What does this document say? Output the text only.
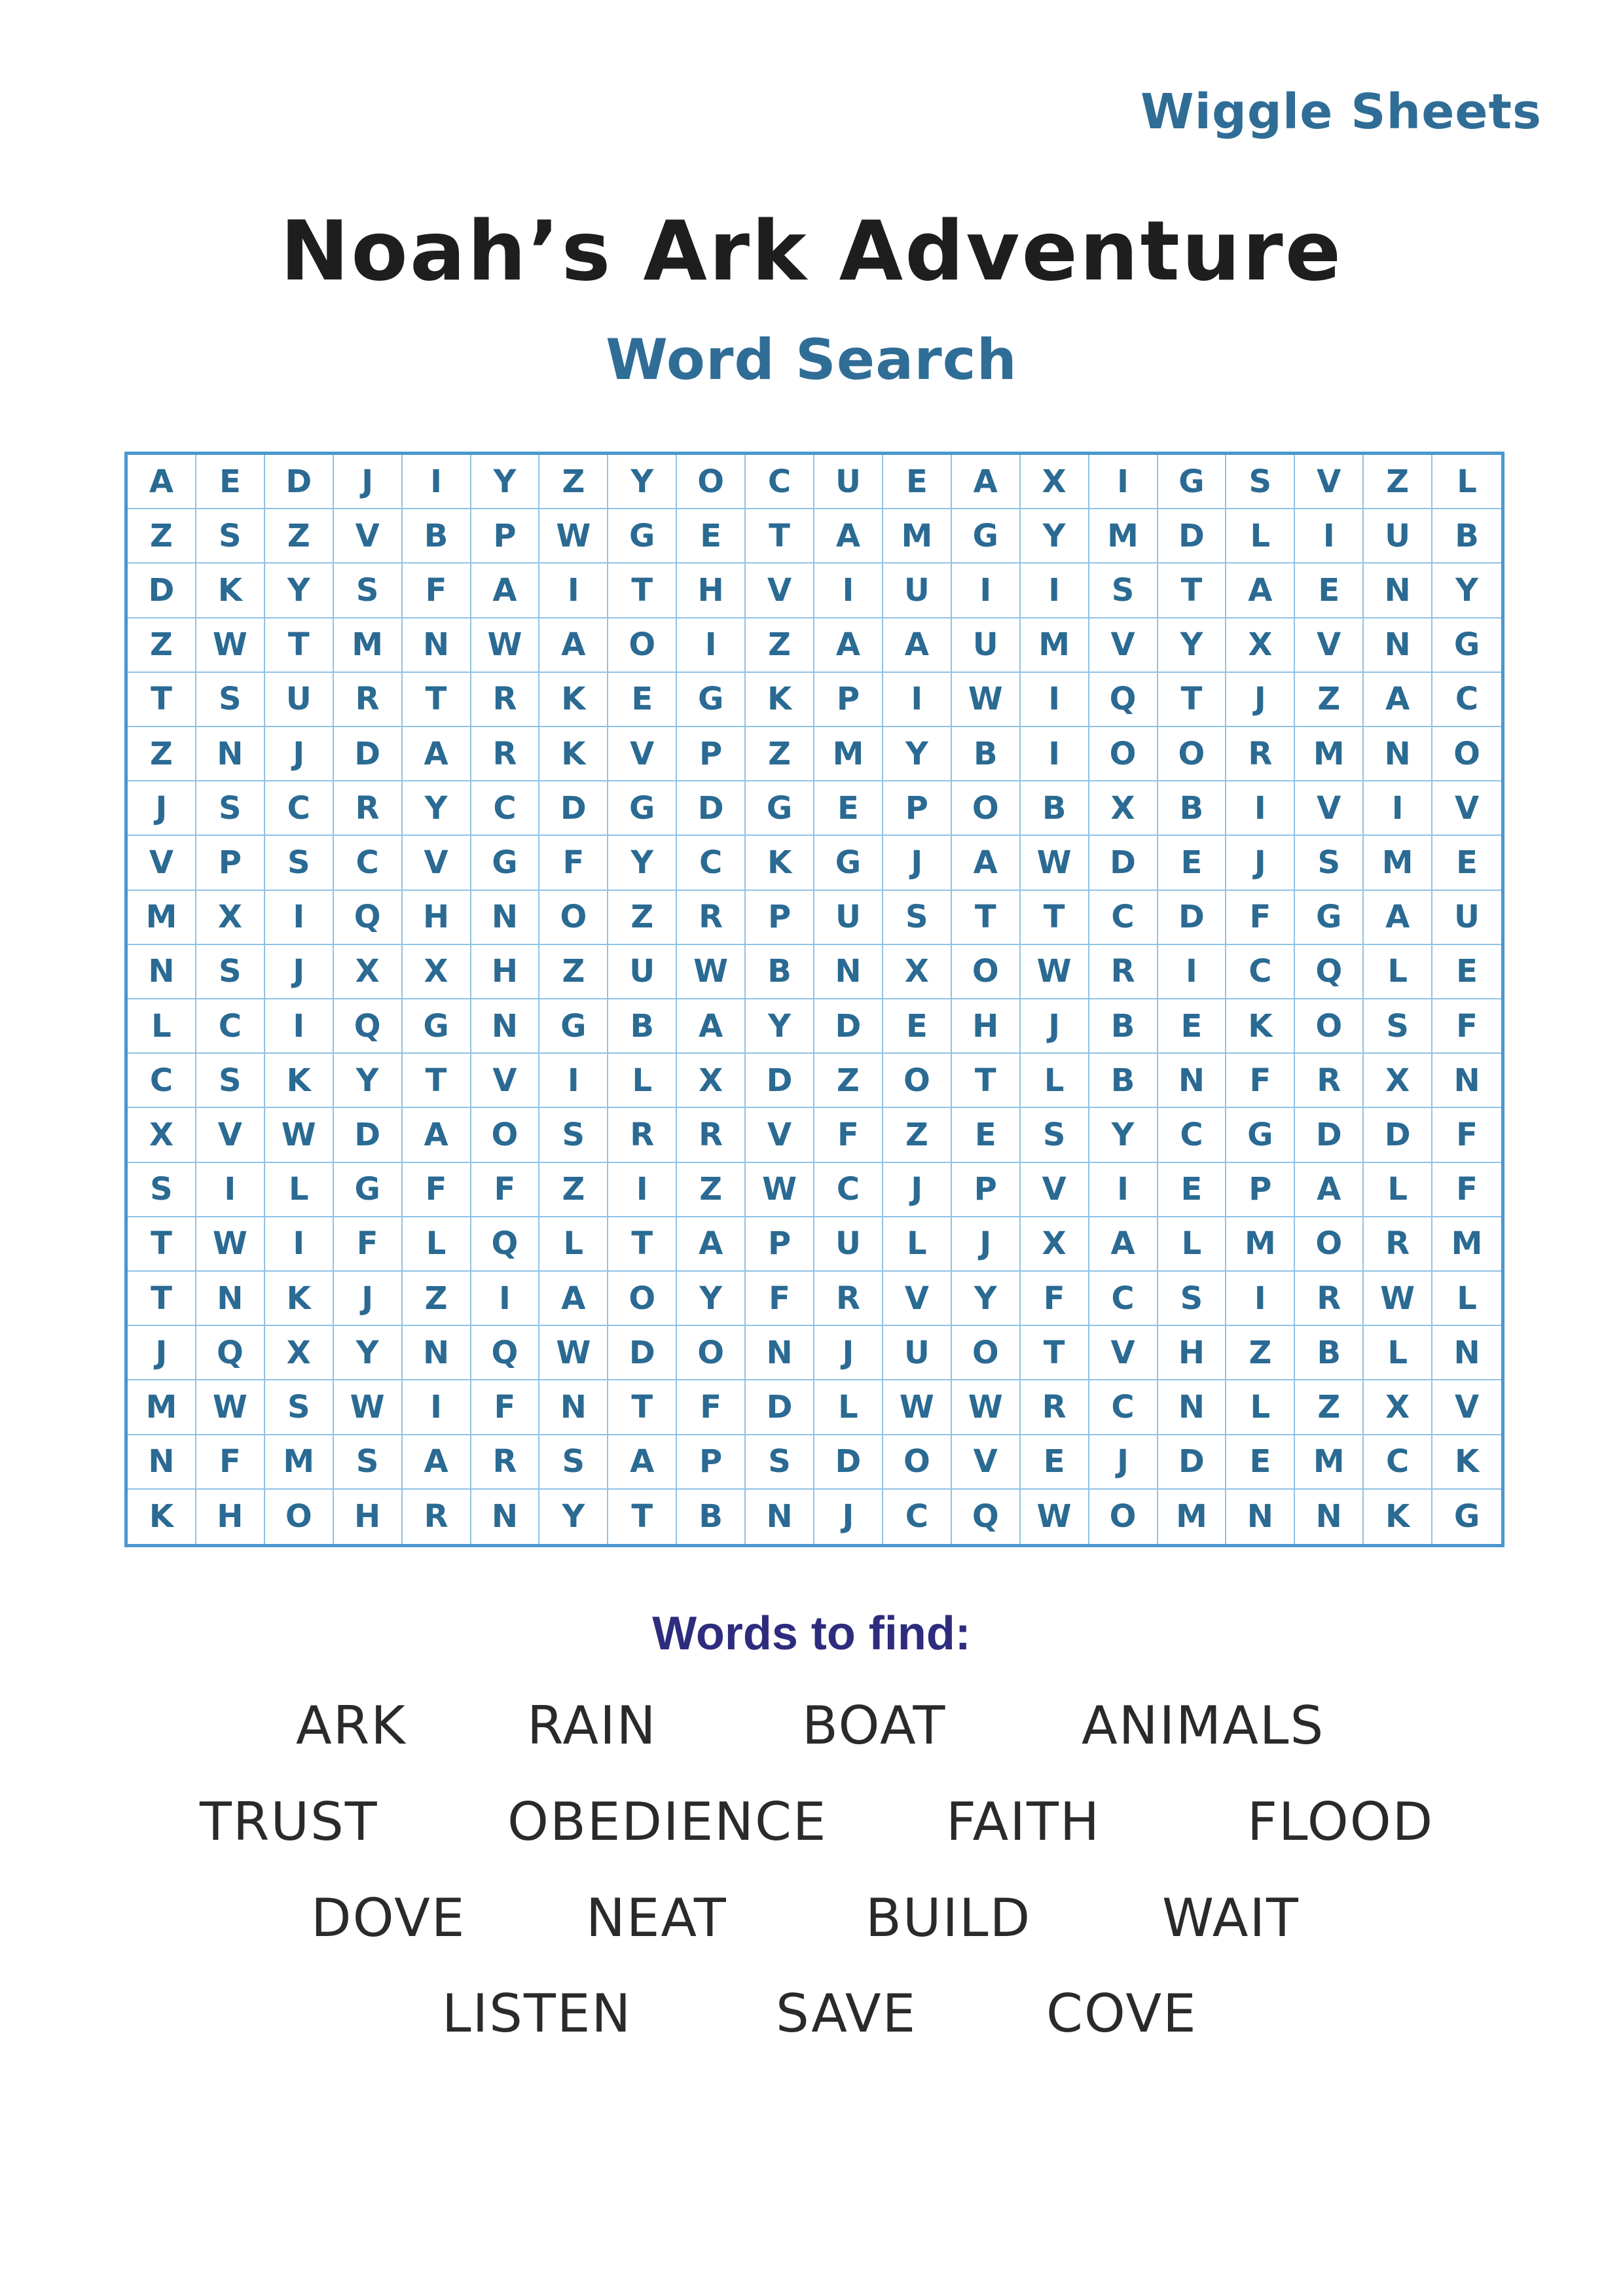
Wiggle Sheets
Noah’s Ark Adventure
Word Search
A	E	D	J	I	Y	Z	Y	O	C	U	E	A	X	I	G	S	V	Z	L
Z	S	Z	V	B	P	W	G	E	T	A	M	G	Y	M	D	L	I	U	B
D	K	Y	S	F	A	I	T	H	V	I	U	I	I	S	T	A	E	N	Y
Z	W	T	M	N	W	A	O	I	Z	A	A	U	M	V	Y	X	V	N	G
T	S	U	R	T	R	K	E	G	K	P	I	W	I	Q	T	J	Z	A	C
Z	N	J	D	A	R	K	V	P	Z	M	Y	B	I	O	O	R	M	N	O
J	S	C	R	Y	C	D	G	D	G	E	P	O	B	X	B	I	V	I	V
V	P	S	C	V	G	F	Y	C	K	G	J	A	W	D	E	J	S	M	E
M	X	I	Q	H	N	O	Z	R	P	U	S	T	T	C	D	F	G	A	U
N	S	J	X	X	H	Z	U	W	B	N	X	O	W	R	I	C	Q	L	E
L	C	I	Q	G	N	G	B	A	Y	D	E	H	J	B	E	K	O	S	F
C	S	K	Y	T	V	I	L	X	D	Z	O	T	L	B	N	F	R	X	N
X	V	W	D	A	O	S	R	R	V	F	Z	E	S	Y	C	G	D	D	F
S	I	L	G	F	F	Z	I	Z	W	C	J	P	V	I	E	P	A	L	F
T	W	I	F	L	Q	L	T	A	P	U	L	J	X	A	L	M	O	R	M
T	N	K	J	Z	I	A	O	Y	F	R	V	Y	F	C	S	I	R	W	L
J	Q	X	Y	N	Q	W	D	O	N	J	U	O	T	V	H	Z	B	L	N
M	W	S	W	I	F	N	T	F	D	L	W	W	R	C	N	L	Z	X	V
N	F	M	S	A	R	S	A	P	S	D	O	V	E	J	D	E	M	C	K
K	H	O	H	R	N	Y	T	B	N	J	C	Q	W	O	M	N	N	K	G
Words to find:
ARK RAIN	BOAT	ANIMALS
TRUST OBEDIENCE FAITH	FLOOD
DOVE NEAT	BUILD WAIT
LISTEN	SAVE COVE
